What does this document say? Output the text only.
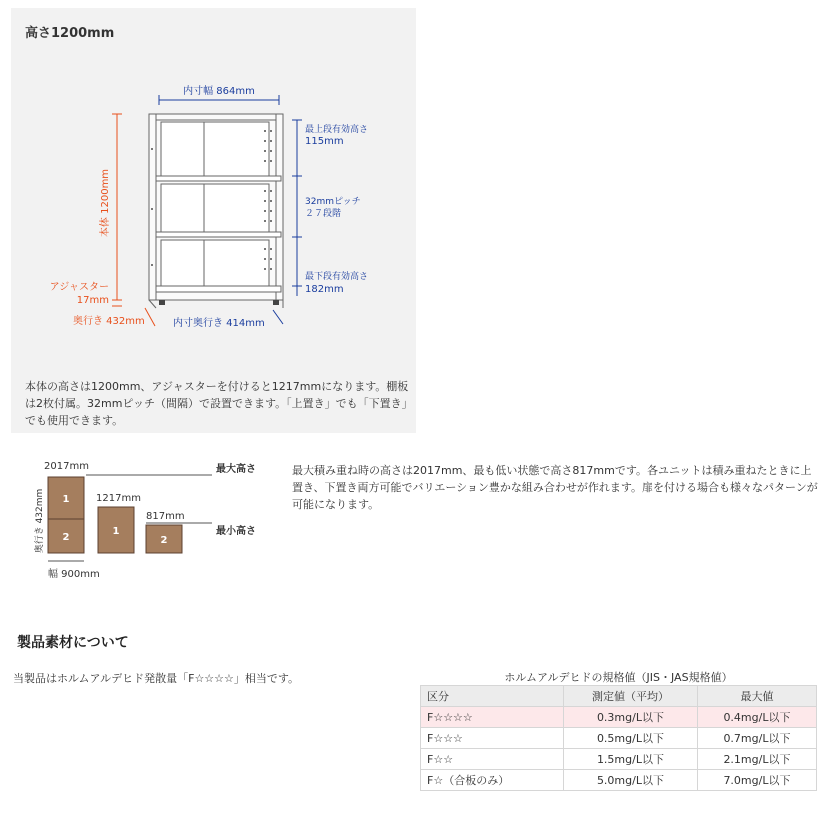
高さ1200mm
内寸幅 864mm
最上段有効高さ
115mm
32mmピッチ
２７段階
最下段有効高さ
182mm
本体 1200mm
アジャスター
17mm
奥行き 432mm	内寸奥行き 414mm
本体の高さは1200mm、アジャスターを付けると1217mmになります。棚板は2枚付属。32mmピッチ（間隔）で設置できます。「上置き」でも「下置き」でも使用できます。
2017mm	最大高さ
1
2
1217mm
1
817mm
最小高さ
2
奥行き 432mm
幅 900mm
最大積み重ね時の高さは2017mm、最も低い状態で高さ817mmです。各ユニットは積み重ねたときに上置き、下置き両方可能でバリエーション豊かな組み合わせが作れます。扉を付ける場合も様々なパターンが可能になります。
製品素材について
当製品はホルムアルデヒド発散量「F☆☆☆☆」相当です。	ホルムアルデヒドの規格値（JIS・JAS規格値）
区分	測定値（平均）	最大値
F☆☆☆☆	0.3mg/L以下	0.4mg/L以下
F☆☆☆	0.5mg/L以下	0.7mg/L以下
F☆☆	1.5mg/L以下	2.1mg/L以下
F☆（合板のみ）	5.0mg/L以下	7.0mg/L以下
